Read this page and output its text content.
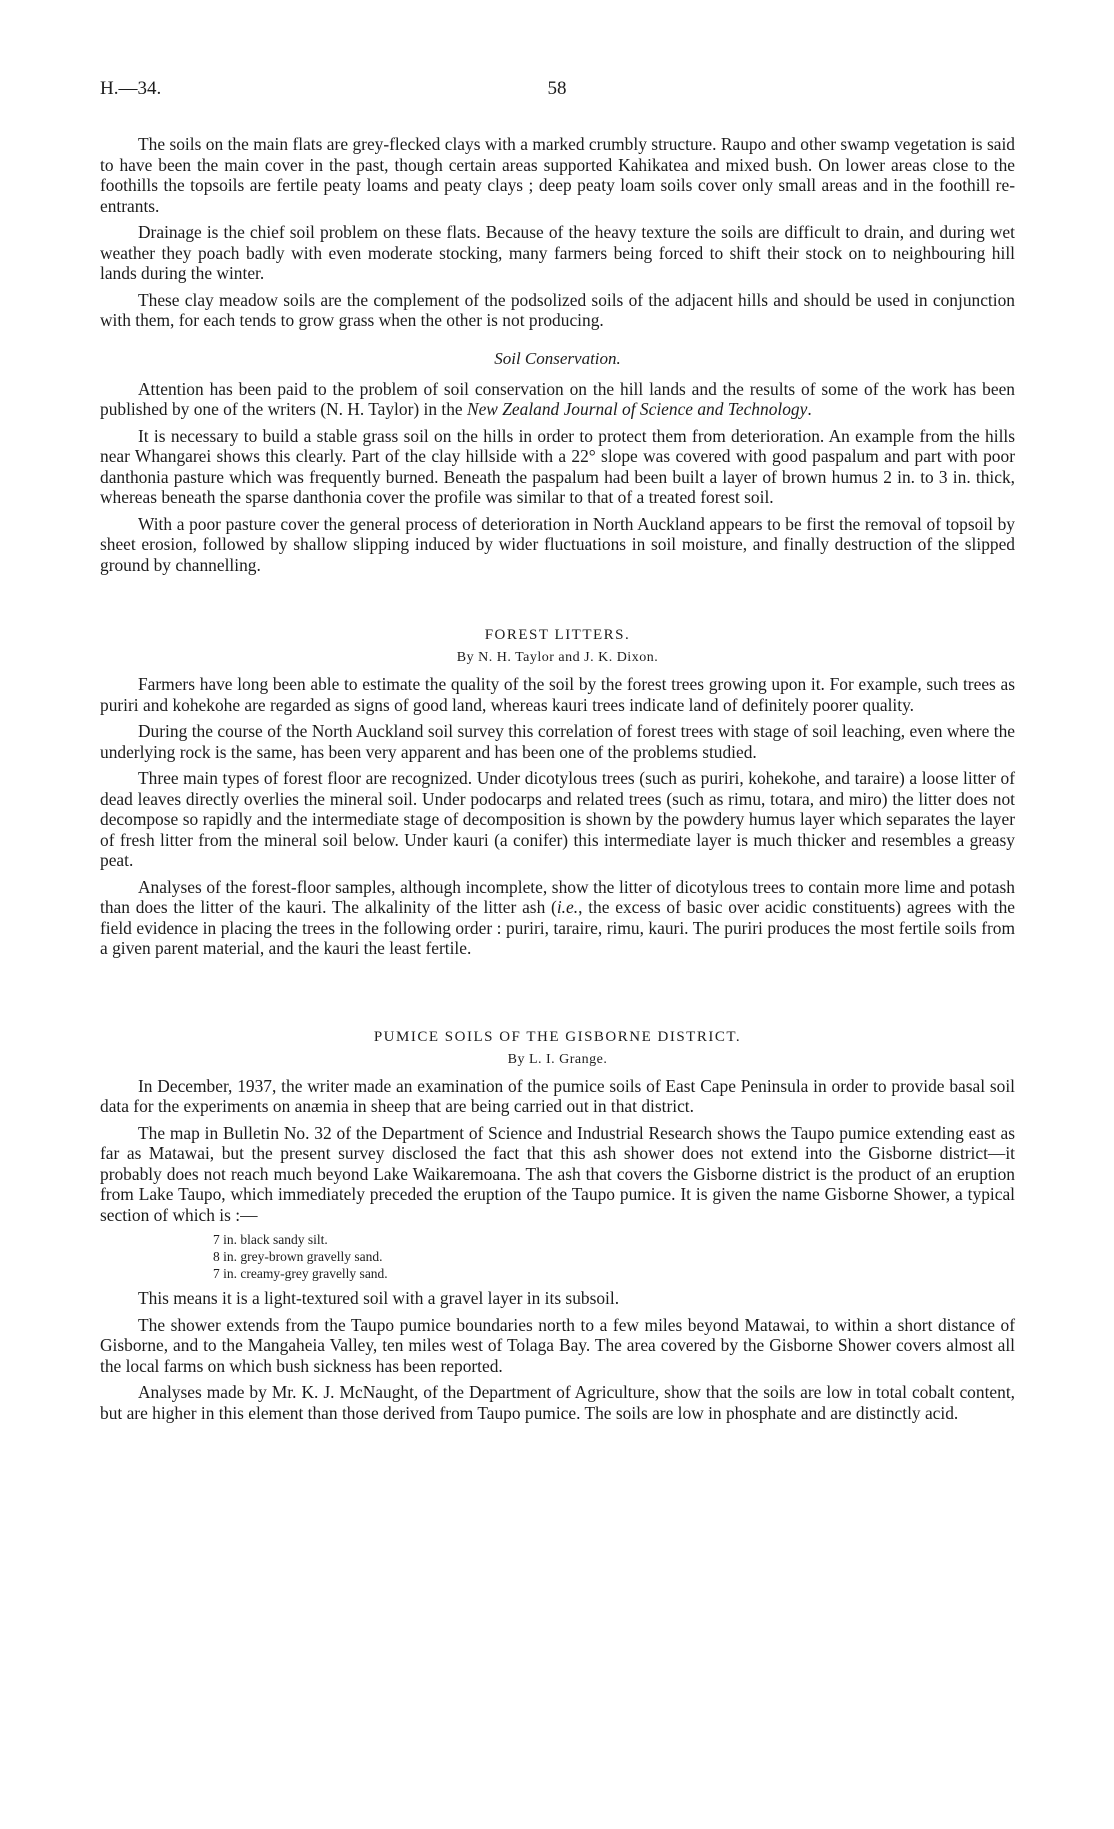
H.—34.	58

The soils on the main flats are grey-flecked clays with a marked crumbly structure. Raupo and other swamp vegetation is said to have been the main cover in the past, though certain areas supported Kahikatea and mixed bush. On lower areas close to the foothills the topsoils are fertile peaty loams and peaty clays ; deep peaty loam soils cover only small areas and in the foothill re-entrants.

Drainage is the chief soil problem on these flats. Because of the heavy texture the soils are difficult to drain, and during wet weather they poach badly with even moderate stocking, many farmers being forced to shift their stock on to neighbouring hill lands during the winter.

These clay meadow soils are the complement of the podsolized soils of the adjacent hills and should be used in conjunction with them, for each tends to grow grass when the other is not producing.

Soil Conservation.

Attention has been paid to the problem of soil conservation on the hill lands and the results of some of the work has been published by one of the writers (N. H. Taylor) in the New Zealand Journal of Science and Technology.

It is necessary to build a stable grass soil on the hills in order to protect them from deterioration. An example from the hills near Whangarei shows this clearly. Part of the clay hillside with a 22° slope was covered with good paspalum and part with poor danthonia pasture which was frequently burned. Beneath the paspalum had been built a layer of brown humus 2 in. to 3 in. thick, whereas beneath the sparse danthonia cover the profile was similar to that of a treated forest soil.

With a poor pasture cover the general process of deterioration in North Auckland appears to be first the removal of topsoil by sheet erosion, followed by shallow slipping induced by wider fluctuations in soil moisture, and finally destruction of the slipped ground by channelling.

FOREST LITTERS.
By N. H. Taylor and J. K. Dixon.

Farmers have long been able to estimate the quality of the soil by the forest trees growing upon it. For example, such trees as puriri and kohekohe are regarded as signs of good land, whereas kauri trees indicate land of definitely poorer quality.

During the course of the North Auckland soil survey this correlation of forest trees with stage of soil leaching, even where the underlying rock is the same, has been very apparent and has been one of the problems studied.

Three main types of forest floor are recognized. Under dicotylous trees (such as puriri, kohekohe, and taraire) a loose litter of dead leaves directly overlies the mineral soil. Under podocarps and related trees (such as rimu, totara, and miro) the litter does not decompose so rapidly and the intermediate stage of decomposition is shown by the powdery humus layer which separates the layer of fresh litter from the mineral soil below. Under kauri (a conifer) this intermediate layer is much thicker and resembles a greasy peat.

Analyses of the forest-floor samples, although incomplete, show the litter of dicotylous trees to contain more lime and potash than does the litter of the kauri. The alkalinity of the litter ash (i.e., the excess of basic over acidic constituents) agrees with the field evidence in placing the trees in the following order : puriri, taraire, rimu, kauri. The puriri produces the most fertile soils from a given parent material, and the kauri the least fertile.

PUMICE SOILS OF THE GISBORNE DISTRICT.
By L. I. Grange.

In December, 1937, the writer made an examination of the pumice soils of East Cape Peninsula in order to provide basal soil data for the experiments on anæmia in sheep that are being carried out in that district.

The map in Bulletin No. 32 of the Department of Science and Industrial Research shows the Taupo pumice extending east as far as Matawai, but the present survey disclosed the fact that this ash shower does not extend into the Gisborne district—it probably does not reach much beyond Lake Waikaremoana. The ash that covers the Gisborne district is the product of an eruption from Lake Taupo, which immediately preceded the eruption of the Taupo pumice. It is given the name Gisborne Shower, a typical section of which is :—

7 in. black sandy silt.
8 in. grey-brown gravelly sand.
7 in. creamy-grey gravelly sand.

This means it is a light-textured soil with a gravel layer in its subsoil.

The shower extends from the Taupo pumice boundaries north to a few miles beyond Matawai, to within a short distance of Gisborne, and to the Mangaheia Valley, ten miles west of Tolaga Bay. The area covered by the Gisborne Shower covers almost all the local farms on which bush sickness has been reported.

Analyses made by Mr. K. J. McNaught, of the Department of Agriculture, show that the soils are low in total cobalt content, but are higher in this element than those derived from Taupo pumice. The soils are low in phosphate and are distinctly acid.
